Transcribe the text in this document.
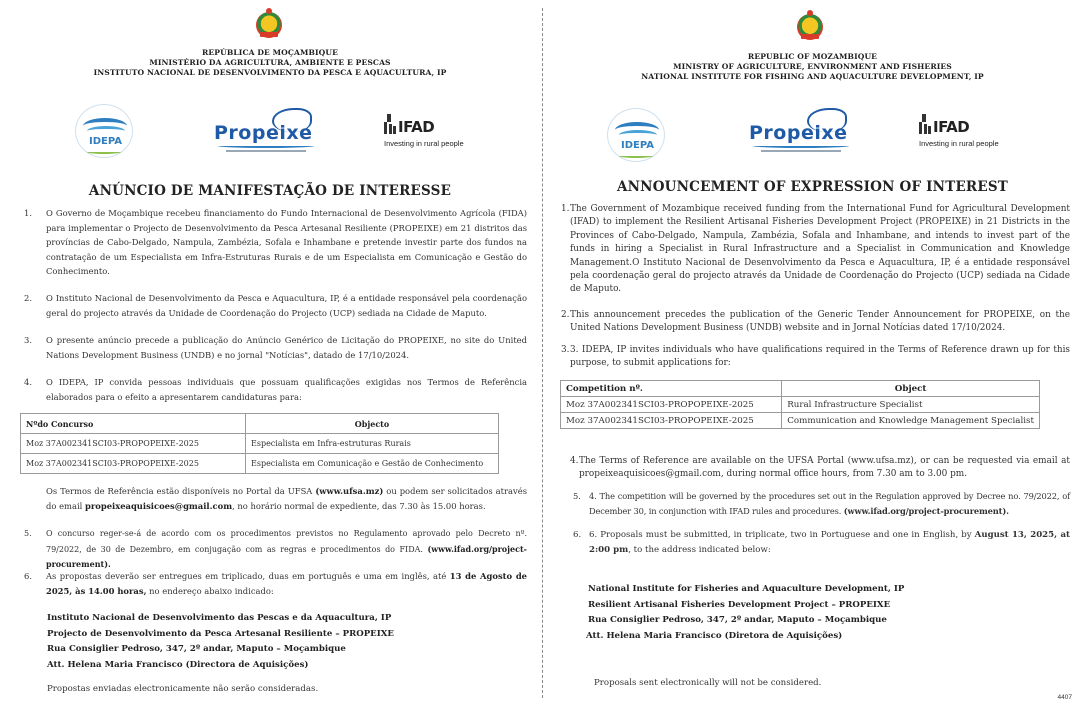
REPÚBLICA DE MOÇAMBIQUE
MINISTÉRIO DA AGRICULTURA, AMBIENTE E PESCAS
INSTITUTO NACIONAL DE DESENVOLVIMENTO DA PESCA E AQUACULTURA, IP
IDEPA	Propeixe	IFAD
Investing in rural people
ANÚNCIO DE MANIFESTAÇÃO DE INTERESSE
1. O Governo de Moçambique recebeu financiamento do Fundo Internacional de Desenvolvimento Agrícola (FIDA) para implementar o Projecto de Desenvolvimento da Pesca Artesanal Resiliente (PROPEIXE) em 21 distritos das províncias de Cabo-Delgado, Nampula, Zambézia, Sofala e Inhambane e pretende investir parte dos fundos na contratação de um Especialista em Infra-Estruturas Rurais e de um Especialista em Comunicação e Gestão do Conhecimento.
2. O Instituto Nacional de Desenvolvimento da Pesca e Aquacultura, IP, é a entidade responsável pela coordenação geral do projecto através da Unidade de Coordenação do Projecto (UCP) sediada na Cidade de Maputo.
3. O presente anúncio precede a publicação do Anúncio Genérico de Licitação do PROPEIXE, no site do United Nations Development Business (UNDB) e no jornal "Notícias", datado de 17/10/2024.
4. O IDEPA, IP convida pessoas individuais que possuam qualificações exigidas nos Termos de Referência elaborados para o efeito a apresentarem candidaturas para:
Nºdo Concurso	Objecto
Moz 37A002341SCI03-PROPOPEIXE-2025	Especialista em Infra-estruturas Rurais
Moz 37A002341SCI03-PROPOPEIXE-2025	Especialista em Comunicação e Gestão de Conhecimento
Os Termos de Referência estão disponíveis no Portal da UFSA (www.ufsa.mz) ou podem ser solicitados através do email propeixeaquisicoes@gmail.com, no horário normal de expediente, das 7.30 às 15.00 horas.
5. O concurso reger-se-á de acordo com os procedimentos previstos no Regulamento aprovado pelo Decreto nº. 79/2022, de 30 de Dezembro, em conjugação com as regras e procedimentos do FIDA. (www.ifad.org/project-procurement).
6. As propostas deverão ser entregues em triplicado, duas em português e uma em inglês, até 13 de Agosto de 2025, às 14.00 horas, no endereço abaixo indicado:
Instituto Nacional de Desenvolvimento das Pescas e da Aquacultura, IP
Projecto de Desenvolvimento da Pesca Artesanal Resiliente – PROPEIXE
Rua Consiglier Pedroso, 347, 2º andar, Maputo – Moçambique
Att. Helena Maria Francisco (Directora de Aquisições)
Propostas enviadas electronicamente não serão consideradas.
REPUBLIC OF MOZAMBIQUE
MINISTRY OF AGRICULTURE, ENVIRONMENT AND FISHERIES
NATIONAL INSTITUTE FOR FISHING AND AQUACULTURE DEVELOPMENT, IP
IDEPA
Propeixe	IFAD
Investing in rural people
ANNOUNCEMENT OF EXPRESSION OF INTEREST
1. The Government of Mozambique received funding from the International Fund for Agricultural Development (IFAD) to implement the Resilient Artisanal Fisheries Development Project (PROPEIXE) in 21 Districts in the Provinces of Cabo-Delgado, Nampula, Zambézia, Sofala and Inhambane, and intends to invest part of the funds in hiring a Specialist in Rural Infrastructure and a Specialist in Communication and Knowledge Management.O Instituto Nacional de Desenvolvimento da Pesca e Aquacultura, IP, é a entidade responsável pela coordenação geral do projecto através da Unidade de Coordenação do Projecto (UCP) sediada na Cidade de Maputo.
2. This announcement precedes the publication of the Generic Tender Announcement for PROPEIXE, on the United Nations Development Business (UNDB) website and in Jornal Notícias dated 17/10/2024.
3. 3. IDEPA, IP invites individuals who have qualifications required in the Terms of Reference drawn up for this purpose, to submit applications for:
Competition nº.	Object
Moz 37A002341SCI03-PROPOPEIXE-2025	Rural Infrastructure Specialist
Moz 37A002341SCI03-PROPOPEIXE-2025	Communication and Knowledge Management Specialist
4. The Terms of Reference are available on the UFSA Portal (www.ufsa.mz), or can be requested via email at propeixeaquisicoes@gmail.com, during normal office hours, from 7.30 am to 3.00 pm.
5. 4. The competition will be governed by the procedures set out in the Regulation approved by Decree no. 79/2022, of December 30, in conjunction with IFAD rules and procedures. (www.ifad.org/project-procurement).
6. 6. Proposals must be submitted, in triplicate, two in Portuguese and one in English, by August 13, 2025, at 2:00 pm, to the address indicated below:
National Institute for Fisheries and Aquaculture Development, IP
Resilient Artisanal Fisheries Development Project – PROPEIXE
Rua Consiglier Pedroso, 347, 2º andar, Maputo – Moçambique
Att. Helena Maria Francisco (Diretora de Aquisições)
Proposals sent electronically will not be considered.
4407
